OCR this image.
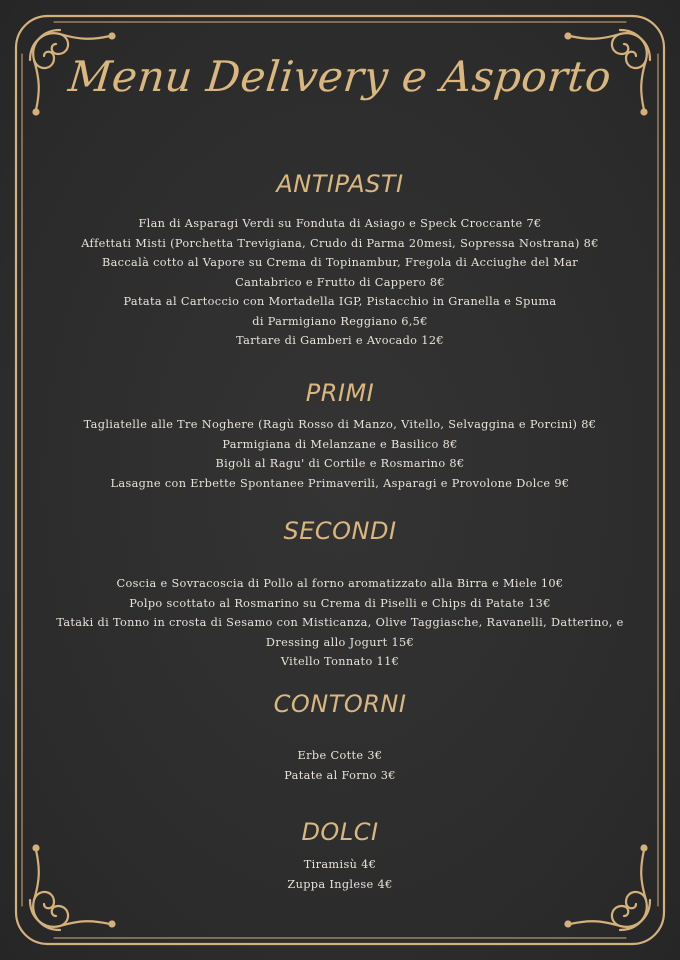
Menu Delivery e Asporto
ANTIPASTI
Flan di Asparagi Verdi su Fonduta di Asiago e Speck Croccante 7€
Affettati Misti (Porchetta Trevigiana, Crudo di Parma 20mesi, Sopressa Nostrana) 8€
Baccalà cotto al Vapore su Crema di Topinambur, Fregola di Acciughe del Mar
Cantabrico e Frutto di Cappero 8€
Patata al Cartoccio con Mortadella IGP, Pistacchio in Granella e Spuma
di Parmigiano Reggiano 6,5€
Tartare di Gamberi e Avocado 12€
PRIMI
Tagliatelle alle Tre Noghere (Ragù Rosso di Manzo, Vitello, Selvaggina e Porcini) 8€
Parmigiana di Melanzane e Basilico 8€
Bigoli al Ragu' di Cortile e Rosmarino 8€
Lasagne con Erbette Spontanee Primaverili, Asparagi e Provolone Dolce 9€
SECONDI
Coscia e Sovracoscia di Pollo al forno aromatizzato alla Birra e Miele 10€
Polpo scottato al Rosmarino su Crema di Piselli e Chips di Patate 13€
Tataki di Tonno in crosta di Sesamo con Misticanza, Olive Taggiasche, Ravanelli, Datterino, e
Dressing allo Jogurt 15€
Vitello Tonnato 11€
CONTORNI
Erbe Cotte 3€
Patate al Forno 3€
DOLCI
Tiramisù 4€
Zuppa Inglese 4€
